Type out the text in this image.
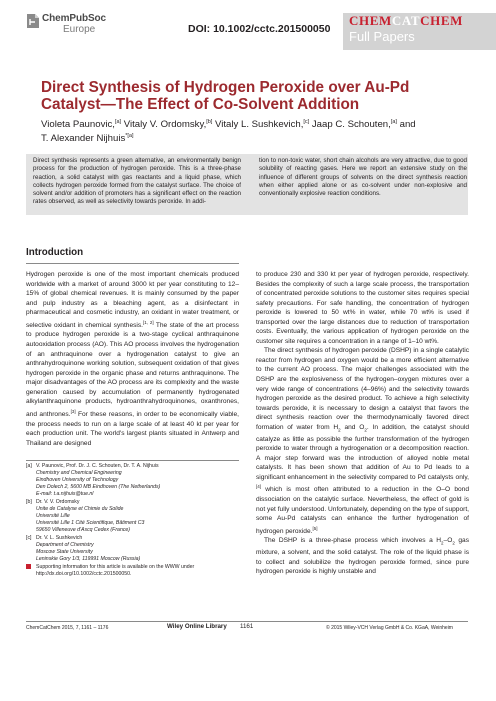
ChemPubSoc
Europe	DOI: 10.1002/cctc.201500050
CHEMCATCHEM
Full Papers
Direct Synthesis of Hydrogen Peroxide over Au-Pd
Catalyst—The Effect of Co-Solvent Addition
Violeta Paunovic,[a] Vitaly V. Ordomsky,[b] Vitaly L. Sushkevich,[c] Jaap C. Schouten,[a] and
T. Alexander Nijhuis$^{*[a]}$
Direct synthesis represents a green alternative, an environmentally benign process for the production of hydrogen peroxide. This is a three-phase reaction, a solid catalyst with gas reactants and a liquid phase, which collects hydrogen peroxide formed from the catalyst surface. The choice of solvent and/or addition of promoters has a significant effect on the reaction rates observed, as well as selectivity towards peroxide. In addi-
tion to non-toxic water, short chain alcohols are very attractive, due to good solubility of reacting gases. Here we report an extensive study on the influence of different groups of solvents on the direct synthesis reaction when either applied alone or as co-solvent under non-explosive and conventionally explosive reaction conditions.
Introduction

Hydrogen peroxide is one of the most important chemicals produced worldwide with a market of around 3000 kt per year constituting to 12–15% of global chemical revenues. It is mainly consumed by the paper and pulp industry as a bleaching agent, as a disinfectant in pharmaceutical and cosmetic industry, an oxidant in water treatment, or selective oxidant in chemical synthesis.[1, 2] The state of the art process to produce hydrogen peroxide is a two-stage cyclical anthraquinone autooxidation process (AO). This AO process involves the hydrogenation of an anthraquinone over a hydrogenation catalyst to give an anthrahydroquinone working solution, subsequent oxidation of that gives hydrogen peroxide in the organic phase and returns anthraquinone. The major disadvantages of the AO process are its complexity and the waste generation caused by accumulation of permanently hydrogenated alkylanthraquinone products, hydroanthrahydroquinones, oxanthrones, and anthrones.[3] For these reasons, in order to be economically viable, the process needs to run on a large scale of at least 40 kt per year for each production unit. The world's largest plants situated in Antwerp and Thailand are designed

to produce 230 and 330 kt per year of hydrogen peroxide, respectively. Besides the complexity of such a large scale process, the transportation of concentrated peroxide solutions to the customer sites requires special safety precautions. For safe handling, the concentration of hydrogen peroxide is lowered to 50 wt% in water, while 70 wt% is used if transported over the large distances due to reduction of transportation costs. Eventually, the various application of hydrogen peroxide on the customer site requires a concentration in a range of 1–10 wt%.

The direct synthesis of hydrogen peroxide (DSHP) in a single catalytic reactor from hydrogen and oxygen would be a more efficient alternative to the current AO process. The major challenges associated with the DSHP are the explosiveness of the hydrogen–oxygen mixtures over a very wide range of concentrations (4–96%) and the selectivity towards hydrogen peroxide as the desired product. To achieve a high selectivity towards peroxide, it is necessary to design a catalyst that favors the direct synthesis reaction over the thermodynamically favored direct formation of water from $H_2$ and $O_2$. In addition, the catalyst should catalyze as little as possible the further transformation of the hydrogen peroxide to water through a hydrogenation or a decomposition reaction. A major step forward was the introduction of alloyed noble metal catalysts. It has been shown that addition of Au to Pd leads to a significant enhancement in the selectivity compared to Pd catalysts only,[4] which is most often attributed to a reduction in the O–O bond dissociation on the catalytic surface. Nevertheless, the effect of gold is not yet fully understood. Unfortunately, depending on the type of support, some Au-Pd catalysts can enhance the further hydrogenation of hydrogen peroxide.[5]

The DSHP is a three-phase process which involves a $H_2-O_2$ gas mixture, a solvent, and the solid catalyst. The role of the liquid phase is to collect and solubilize the hydrogen peroxide formed, since pure hydrogen peroxide is highly unstable and

[a] V. Paunovic, Prof. Dr. J. C. Schouten, Dr. T. A. Nijhuis
Chemistry and Chemical Engineering
Eindhoven University of Technology
Den Dolech 2, 5600 MB Eindhoven (The Netherlands)
E-mail: t.a.nijhuis@tue.nl
[b] Dr. V. V. Ordomsky
Unite de Catalyse et Chimie du Solide
Université Lille
Université Lille 1 Cité Scientifique, Bâtiment C3
59650 Villeneuve d'Ascq Cedex (France)
[c] Dr. V. L. Sushkevich
Department of Chemistry
Moscow State University
Leninskie Gory 1/3, 119991 Moscow (Russia)
Supporting information for this article is available on the WWW under http://dx.doi.org/10.1002/cctc.201500050.
ChemCatChem 2015, 7, 1161 – 1176	Wiley Online Library 1161	© 2015 Wiley-VCH Verlag GmbH & Co. KGaA, Weinheim
